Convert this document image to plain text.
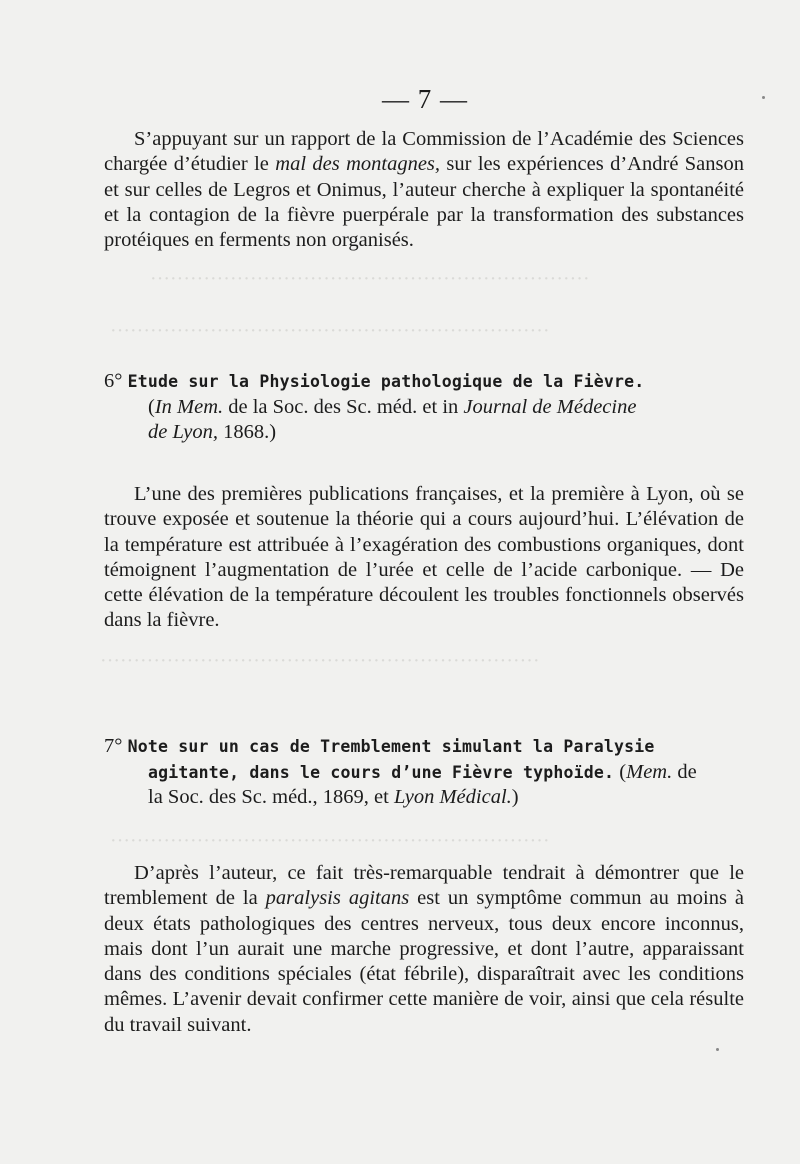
··································································
··································································
··································································
··································································
— 7 —

S’appuyant sur un rapport de la Commission de l’Académie des Sciences chargée d’étudier le mal des montagnes, sur les expériences d’André Sanson et sur celles de Legros et Onimus, l’auteur cherche à expliquer la spontanéité et la contagion de la fièvre puerpérale par la transformation des substances protéiques en ferments non organisés.

6° Etude sur la Physiologie pathologique de la Fièvre.
(In Mem. de la Soc. des Sc. méd. et in Journal de Médecine
de Lyon, 1868.)

L’une des premières publications françaises, et la première à Lyon, où se trouve exposée et soutenue la théorie qui a cours aujourd’hui. L’élévation de la température est attribuée à l’exagération des combustions organiques, dont témoignent l’augmentation de l’urée et celle de l’acide carbonique. — De cette élévation de la température découlent les troubles fonctionnels observés dans la fièvre.

7° Note sur un cas de Tremblement simulant la Paralysie
agitante, dans le cours d’une Fièvre typhoïde. (Mem. de
la Soc. des Sc. méd., 1869, et Lyon Médical.)

D’après l’auteur, ce fait très-remarquable tendrait à démontrer que le tremblement de la paralysis agitans est un symptôme commun au moins à deux états pathologiques des centres nerveux, tous deux encore inconnus, mais dont l’un aurait une marche progressive, et dont l’autre, apparaissant dans des conditions spéciales (état fébrile), disparaîtrait avec les conditions mêmes. L’avenir devait confirmer cette manière de voir, ainsi que cela résulte du travail suivant.
